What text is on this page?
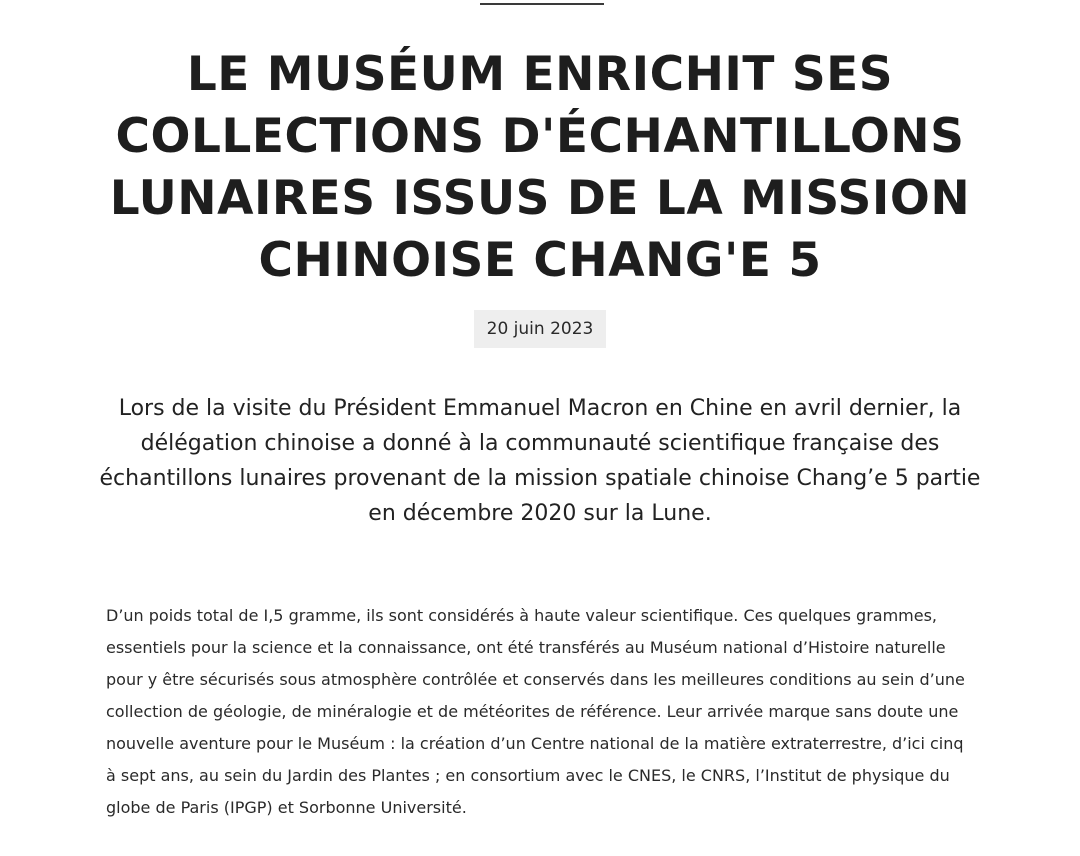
LE MUSÉUM ENRICHIT SES COLLECTIONS D'ÉCHANTILLONS LUNAIRES ISSUS DE LA MISSION CHINOISE CHANG'E 5
20 juin 2023

Lors de la visite du Président Emmanuel Macron en Chine en avril dernier, la délégation chinoise a donné à la communauté scientifique française des échantillons lunaires provenant de la mission spatiale chinoise Chang’e 5 partie en décembre 2020 sur la Lune.

D’un poids total de I,5 gramme, ils sont considérés à haute valeur scientifique. Ces quelques grammes, essentiels pour la science et la connaissance, ont été transférés au Muséum national d’Histoire naturelle pour y être sécurisés sous atmosphère contrôlée et conservés dans les meilleures conditions au sein d’une collection de géologie, de minéralogie et de météorites de référence. Leur arrivée marque sans doute une nouvelle aventure pour le Muséum : la création d’un Centre national de la matière extraterrestre, d’ici cinq à sept ans, au sein du Jardin des Plantes ; en consortium avec le CNES, le CNRS, l’Institut de physique du globe de Paris (IPGP) et Sorbonne Université.
